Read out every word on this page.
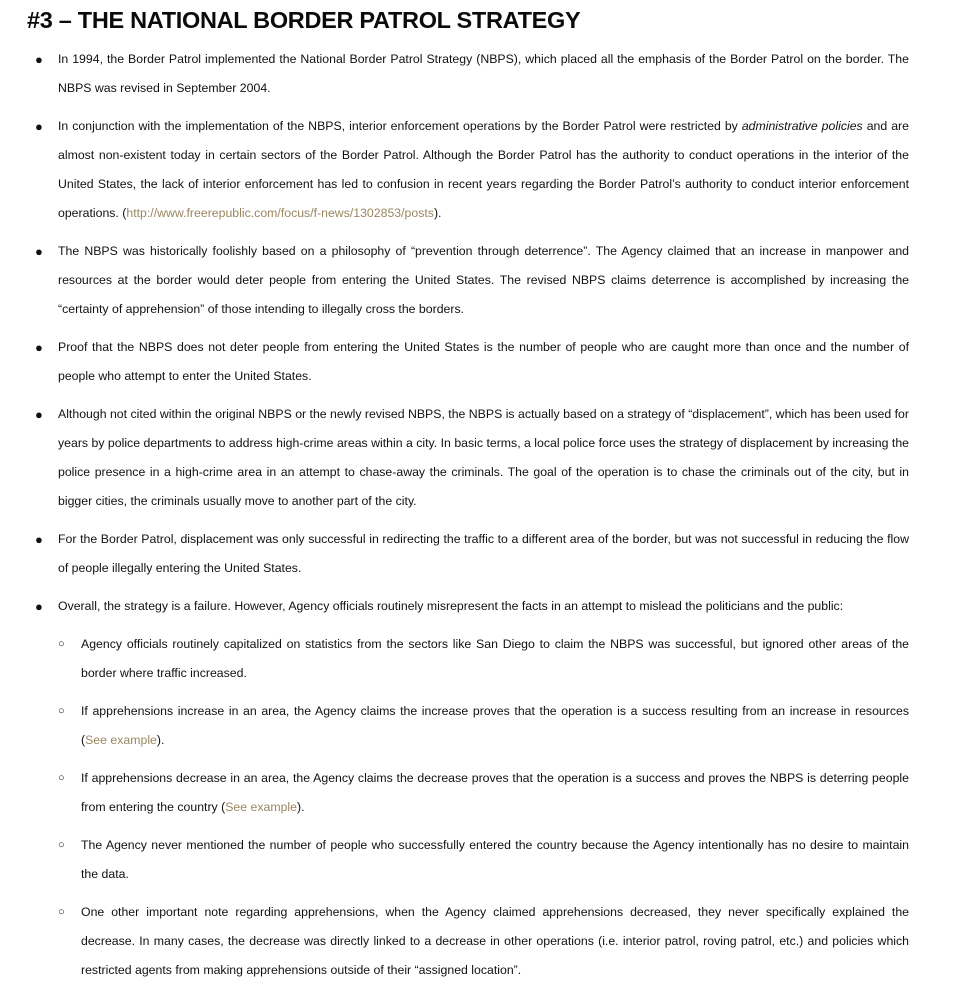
#3 – THE NATIONAL BORDER PATROL STRATEGY
● In 1994, the Border Patrol implemented the National Border Patrol Strategy (NBPS), which placed all the emphasis of the Border Patrol on the border. The NBPS was revised in September 2004.
● In conjunction with the implementation of the NBPS, interior enforcement operations by the Border Patrol were restricted by administrative policies and are almost non-existent today in certain sectors of the Border Patrol. Although the Border Patrol has the authority to conduct operations in the interior of the United States, the lack of interior enforcement has led to confusion in recent years regarding the Border Patrol’s authority to conduct interior enforcement operations. (http://www.freerepublic.com/focus/f-news/1302853/posts).
● The NBPS was historically foolishly based on a philosophy of “prevention through deterrence”. The Agency claimed that an increase in manpower and resources at the border would deter people from entering the United States. The revised NBPS claims deterrence is accomplished by increasing the “certainty of apprehension” of those intending to illegally cross the borders.
● Proof that the NBPS does not deter people from entering the United States is the number of people who are caught more than once and the number of people who attempt to enter the United States.
● Although not cited within the original NBPS or the newly revised NBPS, the NBPS is actually based on a strategy of “displacement”, which has been used for years by police departments to address high-crime areas within a city. In basic terms, a local police force uses the strategy of displacement by increasing the police presence in a high-crime area in an attempt to chase-away the criminals. The goal of the operation is to chase the criminals out of the city, but in bigger cities, the criminals usually move to another part of the city.
● For the Border Patrol, displacement was only successful in redirecting the traffic to a different area of the border, but was not successful in reducing the flow of people illegally entering the United States.
● Overall, the strategy is a failure. However, Agency officials routinely misrepresent the facts in an attempt to mislead the politicians and the public:
○ Agency officials routinely capitalized on statistics from the sectors like San Diego to claim the NBPS was successful, but ignored other areas of the border where traffic increased.
○ If apprehensions increase in an area, the Agency claims the increase proves that the operation is a success resulting from an increase in resources (See example).
○ If apprehensions decrease in an area, the Agency claims the decrease proves that the operation is a success and proves the NBPS is deterring people from entering the country (See example).
○ The Agency never mentioned the number of people who successfully entered the country because the Agency intentionally has no desire to maintain the data.
○ One other important note regarding apprehensions, when the Agency claimed apprehensions decreased, they never specifically explained the decrease. In many cases, the decrease was directly linked to a decrease in other operations (i.e. interior patrol, roving patrol, etc.) and policies which restricted agents from making apprehensions outside of their “assigned location”.
